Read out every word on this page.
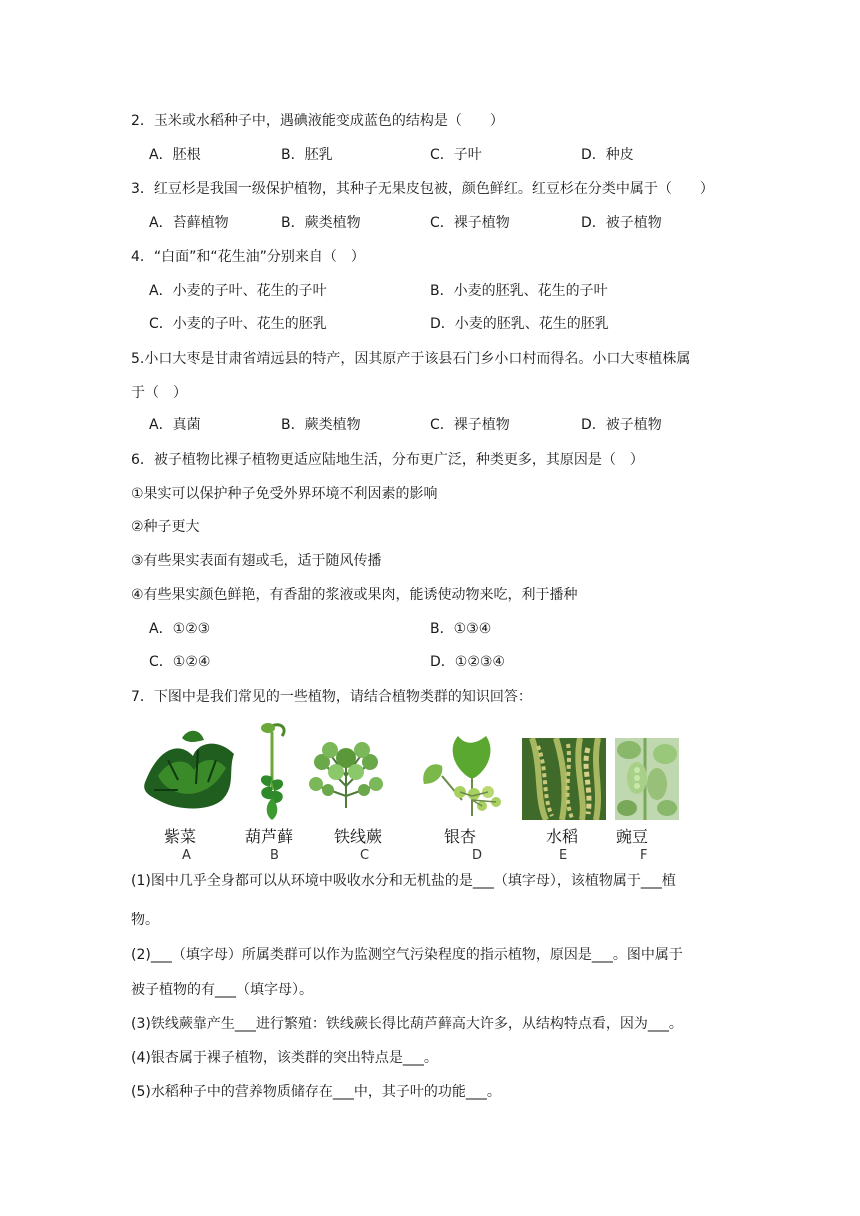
2．玉米或水稻种子中，遇碘液能变成蓝色的结构是（　　）
A．胚根	B．胚乳	C．子叶	D．种皮
3．红豆杉是我国一级保护植物，其种子无果皮包被，颜色鲜红。红豆杉在分类中属于（　　）
A．苔藓植物	B．蕨类植物	C．裸子植物	D．被子植物
4．“白面”和“花生油”分别来自（　）
A．小麦的子叶、花生的子叶	B．小麦的胚乳、花生的子叶
C．小麦的子叶、花生的胚乳	D．小麦的胚乳、花生的胚乳
5.小口大枣是甘肃省靖远县的特产，因其原产于该县石门乡小口村而得名。小口大枣植株属
于（　）
A．真菌	B．蕨类植物	C．裸子植物	D．被子植物
6．被子植物比裸子植物更适应陆地生活，分布更广泛，种类更多，其原因是（　）
①果实可以保护种子免受外界环境不利因素的影响
②种子更大
③有些果实表面有翅或毛，适于随风传播
④有些果实颜色鲜艳，有香甜的浆液或果肉，能诱使动物来吃，利于播种
A．①②③	B．①③④
C．①②④	D．①②③④
7．下图中是我们常见的一些植物，请结合植物类群的知识回答：
紫菜
A
葫芦藓
B
铁线蕨
C
银杏
D
水稻
E
豌豆
F
(1)图中几乎全身都可以从环境中吸收水分和无机盐的是___（填字母），该植物属于___植
物。
(2)___（填字母）所属类群可以作为监测空气污染程度的指示植物，原因是___。图中属于
被子植物的有___（填字母）。
(3)铁线蕨靠产生___进行繁殖：铁线蕨长得比葫芦藓高大许多，从结构特点看，因为___。
(4)银杏属于裸子植物，该类群的突出特点是___。
(5)水稻种子中的营养物质储存在___中，其子叶的功能___。
